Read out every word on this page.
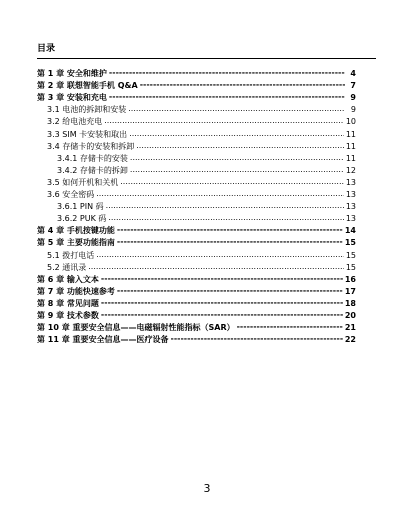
目录
第 1 章 安全和维护 -----	4
第 2 章 联想智能手机 Q&A -----	7
第 3 章 安装和充电 -----	9
3.1 电池的拆卸和安装 .....	9
3.2 给电池充电 .....	10
3.3 SIM 卡安装和取出 .....	11
3.4 存储卡的安装和拆卸 .....	11
3.4.1 存储卡的安装 .....	11
3.4.2 存储卡的拆卸 .....	12
3.5 如何开机和关机 .....	13
3.6 安全密码 .....	13
3.6.1 PIN 码 .....	13
3.6.2 PUK 码 .....	13
第 4 章 手机按键功能 -----	14
第 5 章 主要功能指南 -----	15
5.1 拨打电话 .....	15
5.2 通讯录 .....	15
第 6 章 输入文本 -----	16
第 7 章 功能快速参考 -----	17
第 8 章 常见问题 -----	18
第 9 章 技术参数 -----	20
第 10 章 重要安全信息——电磁辐射性能指标（SAR） -----	21
第 11 章 重要安全信息——医疗设备 -----	22
3
